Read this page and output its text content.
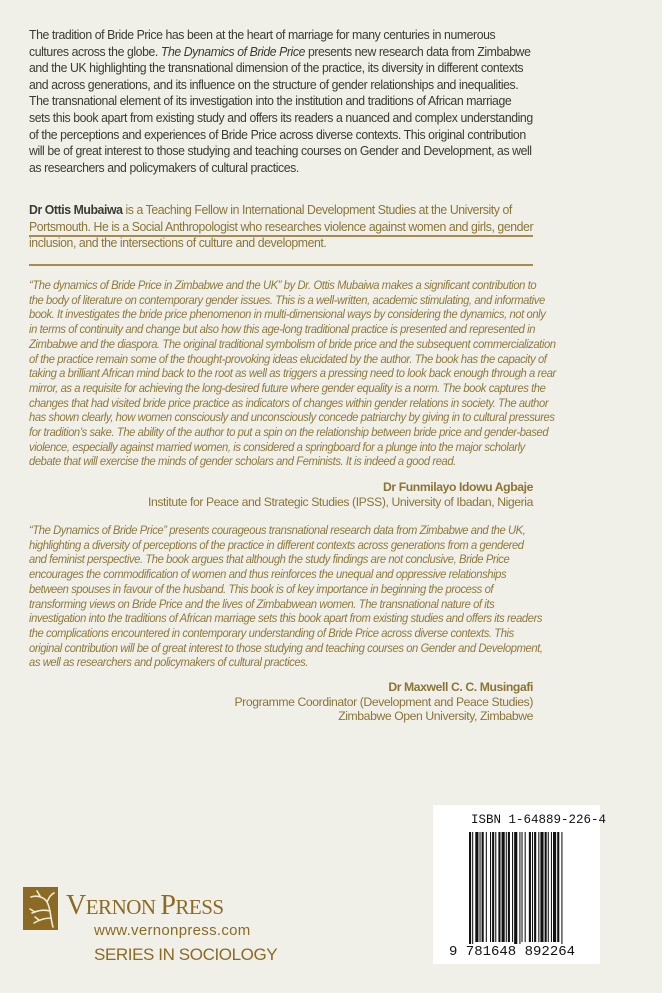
The tradition of Bride Price has been at the heart of marriage for many centuries in numerous
cultures across the globe. The Dynamics of Bride Price presents new research data from Zimbabwe
and the UK highlighting the transnational dimension of the practice, its diversity in different contexts
and across generations, and its influence on the structure of gender relationships and inequalities.
The transnational element of its investigation into the institution and traditions of African marriage
sets this book apart from existing study and offers its readers a nuanced and complex understanding
of the perceptions and experiences of Bride Price across diverse contexts. This original contribution
will be of great interest to those studying and teaching courses on Gender and Development, as well
as researchers and policymakers of cultural practices.
Dr Ottis Mubaiwa is a Teaching Fellow in International Development Studies at the University of
Portsmouth. He is a Social Anthropologist who researches violence against women and girls, gender
inclusion, and the intersections of culture and development.
“The dynamics of Bride Price in Zimbabwe and the UK” by Dr. Ottis Mubaiwa makes a significant contribution to
the body of literature on contemporary gender issues. This is a well-written, academic stimulating, and informative
book. It investigates the bride price phenomenon in multi-dimensional ways by considering the dynamics, not only
in terms of continuity and change but also how this age-long traditional practice is presented and represented in
Zimbabwe and the diaspora. The original traditional symbolism of bride price and the subsequent commercialization
of the practice remain some of the thought-provoking ideas elucidated by the author. The book has the capacity of
taking a brilliant African mind back to the root as well as triggers a pressing need to look back enough through a rear
mirror, as a requisite for achieving the long-desired future where gender equality is a norm. The book captures the
changes that had visited bride price practice as indicators of changes within gender relations in society. The author
has shown clearly, how women consciously and unconsciously concede patriarchy by giving in to cultural pressures
for tradition’s sake. The ability of the author to put a spin on the relationship between bride price and gender-based
violence, especially against married women, is considered a springboard for a plunge into the major scholarly
debate that will exercise the minds of gender scholars and Feminists. It is indeed a good read.
Dr Funmilayo Idowu Agbaje
Institute for Peace and Strategic Studies (IPSS), University of Ibadan, Nigeria
“The Dynamics of Bride Price” presents courageous transnational research data from Zimbabwe and the UK,
highlighting a diversity of perceptions of the practice in different contexts across generations from a gendered
and feminist perspective. The book argues that although the study findings are not conclusive, Bride Price
encourages the commodification of women and thus reinforces the unequal and oppressive relationships
between spouses in favour of the husband. This book is of key importance in beginning the process of
transforming views on Bride Price and the lives of Zimbabwean women. The transnational nature of its
investigation into the traditions of African marriage sets this book apart from existing studies and offers its readers
the complications encountered in contemporary understanding of Bride Price across diverse contexts. This
original contribution will be of great interest to those studying and teaching courses on Gender and Development,
as well as researchers and policymakers of cultural practices.
Dr Maxwell C. C. Musingafi
Programme Coordinator (Development and Peace Studies)
Zimbabwe Open University, Zimbabwe
VERNON PRESS
www.vernonpress.com
SERIES IN SOCIOLOGY
ISBN 1-64889-226-4
9 781648 892264
